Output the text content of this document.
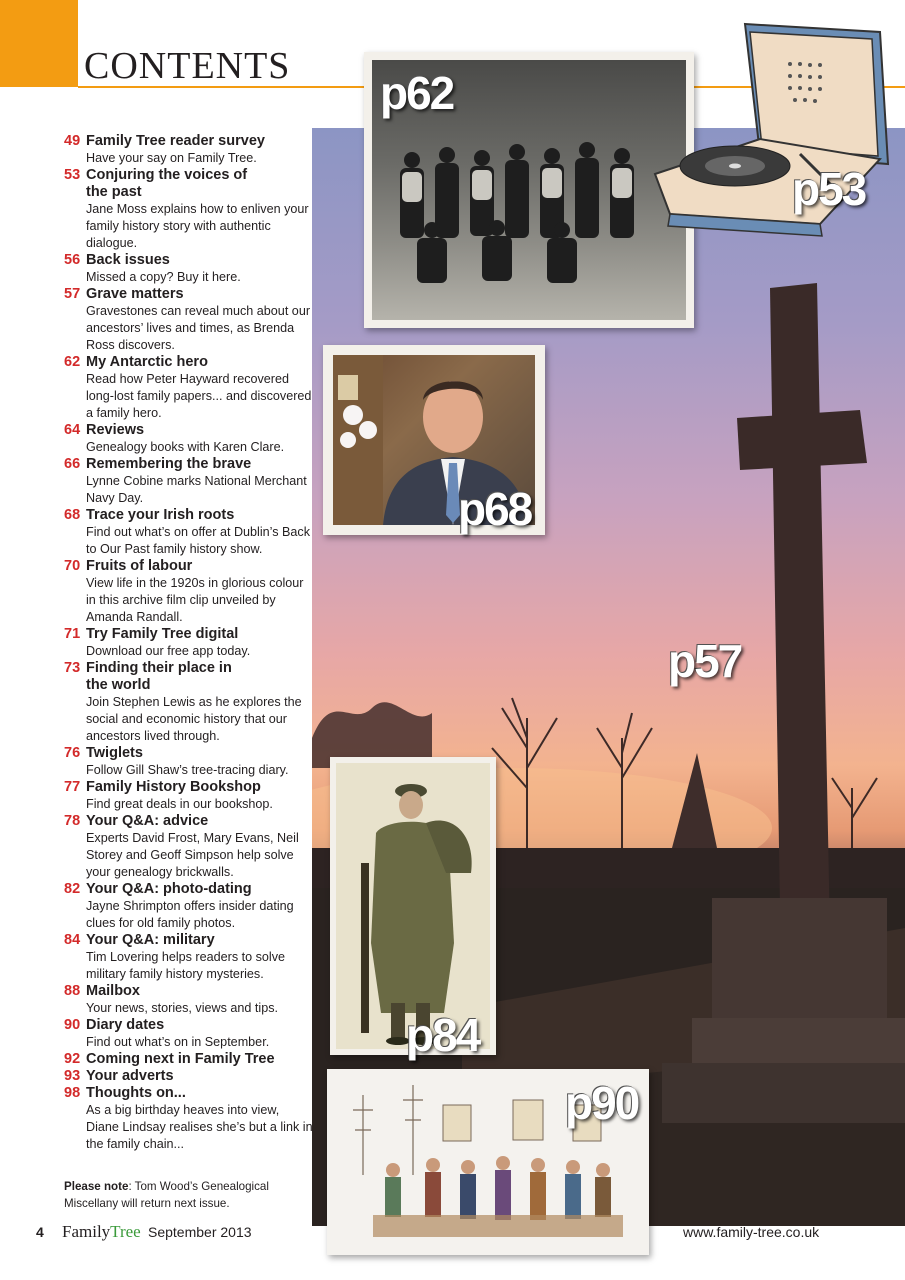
CONTENTS
p62
p53
p68
p57
p84
p90
49 Family Tree reader survey
Have your say on Family Tree.
53 Conjuring the voices of the past
Jane Moss explains how to enliven your family history story with authentic dialogue.
56 Back issues
Missed a copy? Buy it here.
57 Grave matters
Gravestones can reveal much about our ancestors’ lives and times, as Brenda Ross discovers.
62 My Antarctic hero
Read how Peter Hayward recovered long-lost family papers... and discovered a family hero.
64 Reviews
Genealogy books with Karen Clare.
66 Remembering the brave
Lynne Cobine marks National Merchant Navy Day.
68 Trace your Irish roots
Find out what’s on offer at Dublin’s Back to Our Past family history show.
70 Fruits of labour
View life in the 1920s in glorious colour in this archive film clip unveiled by Amanda Randall.
71 Try Family Tree digital
Download our free app today.
73 Finding their place in the world
Join Stephen Lewis as he explores the social and economic history that our ancestors lived through.
76 Twiglets
Follow Gill Shaw’s tree-tracing diary.
77 Family History Bookshop
Find great deals in our bookshop.
78 Your Q&A: advice
Experts David Frost, Mary Evans, Neil Storey and Geoff Simpson help solve your genealogy brickwalls.
82 Your Q&A: photo-dating
Jayne Shrimpton offers insider dating clues for old family photos.
84 Your Q&A: military
Tim Lovering helps readers to solve military family history mysteries.
88 Mailbox
Your news, stories, views and tips.
90 Diary dates
Find out what’s on in September.
92 Coming next in Family Tree
93 Your adverts
98 Thoughts on...
As a big birthday heaves into view, Diane Lindsay realises she’s but a link in the family chain...
Please note: Tom Wood’s Genealogical Miscellany will return next issue.
4 FamilyTree September 2013	www.family-tree.co.uk
